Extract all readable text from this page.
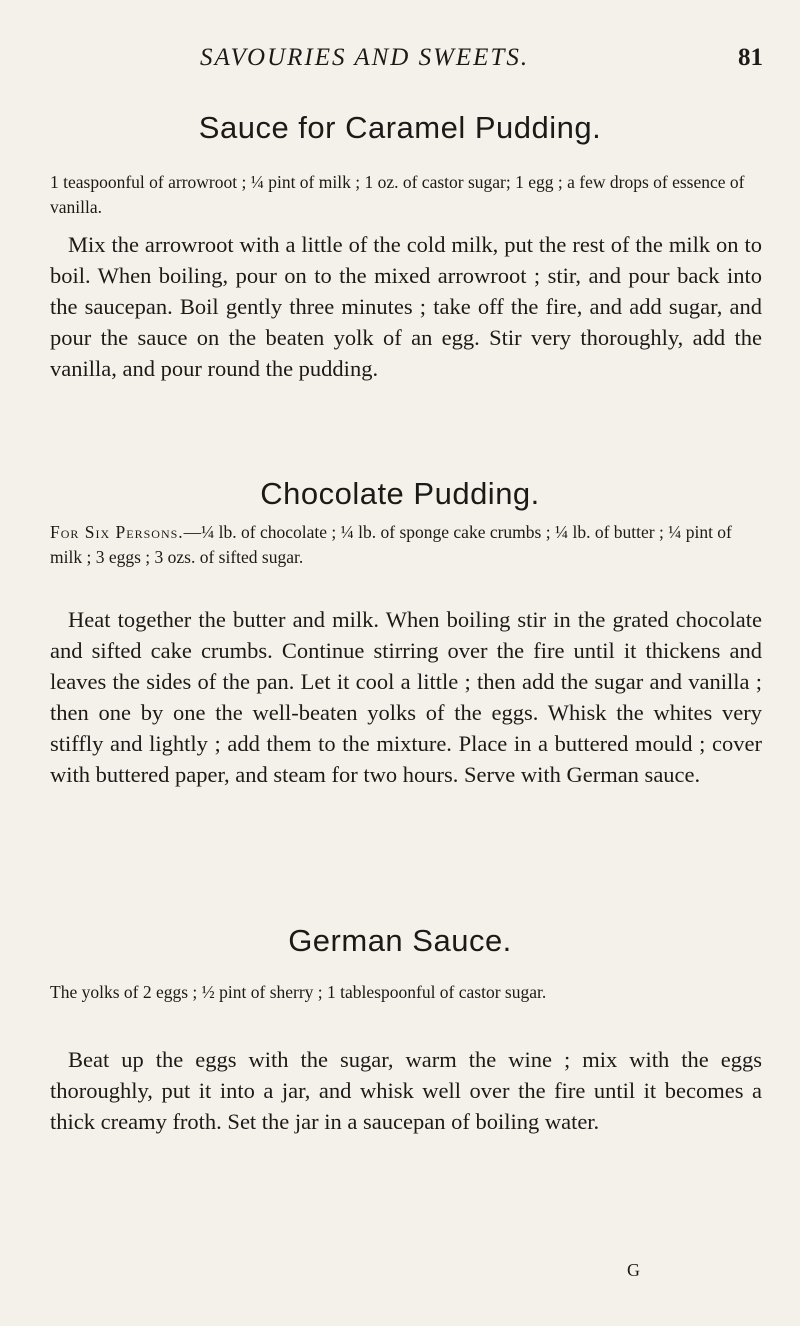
SAVOURIES AND SWEETS.	81
Sauce for Caramel Pudding.

1 teaspoonful of arrowroot ; ¼ pint of milk ; 1 oz. of castor sugar; 1 egg ; a few drops of essence of vanilla.

Mix the arrowroot with a little of the cold milk, put the rest of the milk on to boil. When boiling, pour on to the mixed arrowroot ; stir, and pour back into the saucepan. Boil gently three minutes ; take off the fire, and add sugar, and pour the sauce on the beaten yolk of an egg. Stir very thoroughly, add the vanilla, and pour round the pudding.

Chocolate Pudding.

For Six Persons.—¼ lb. of chocolate ; ¼ lb. of sponge cake crumbs ; ¼ lb. of butter ; ¼ pint of milk ; 3 eggs ; 3 ozs. of sifted sugar.

Heat together the butter and milk. When boiling stir in the grated chocolate and sifted cake crumbs. Continue stirring over the fire until it thickens and leaves the sides of the pan. Let it cool a little ; then add the sugar and vanilla ; then one by one the well-beaten yolks of the eggs. Whisk the whites very stiffly and lightly ; add them to the mixture. Place in a buttered mould ; cover with buttered paper, and steam for two hours. Serve with German sauce.

German Sauce.

The yolks of 2 eggs ; ½ pint of sherry ; 1 tablespoonful of castor sugar.

Beat up the eggs with the sugar, warm the wine ; mix with the eggs thoroughly, put it into a jar, and whisk well over the fire until it becomes a thick creamy froth. Set the jar in a saucepan of boiling water.

G
